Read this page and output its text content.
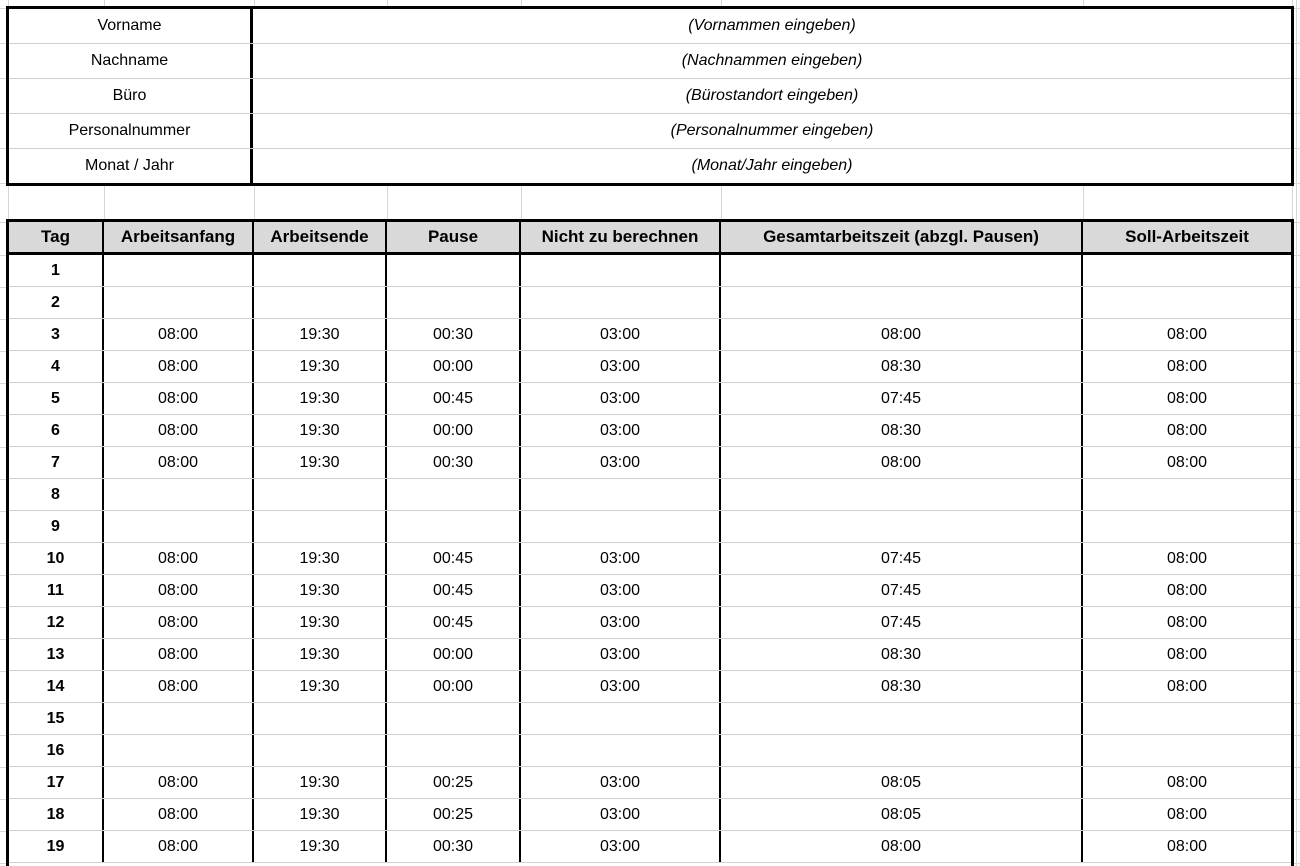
Vorname	(Vornammen eingeben)
Nachname	(Nachnammen eingeben)
Büro	(Bürostandort eingeben)
Personalnummer	(Personalnummer eingeben)
Monat / Jahr	(Monat/Jahr eingeben)
Tag	Arbeitsanfang	Arbeitsende	Pause	Nicht zu berechnen	Gesamtarbeitszeit (abzgl. Pausen)	Soll-Arbeitszeit
1
2
3	08:00	19:30	00:30	03:00	08:00	08:00
4	08:00	19:30	00:00	03:00	08:30	08:00
5	08:00	19:30	00:45	03:00	07:45	08:00
6	08:00	19:30	00:00	03:00	08:30	08:00
7	08:00	19:30	00:30	03:00	08:00	08:00
8
9
10	08:00	19:30	00:45	03:00	07:45	08:00
11	08:00	19:30	00:45	03:00	07:45	08:00
12	08:00	19:30	00:45	03:00	07:45	08:00
13	08:00	19:30	00:00	03:00	08:30	08:00
14	08:00	19:30	00:00	03:00	08:30	08:00
15
16
17	08:00	19:30	00:25	03:00	08:05	08:00
18	08:00	19:30	00:25	03:00	08:05	08:00
19	08:00	19:30	00:30	03:00	08:00	08:00
